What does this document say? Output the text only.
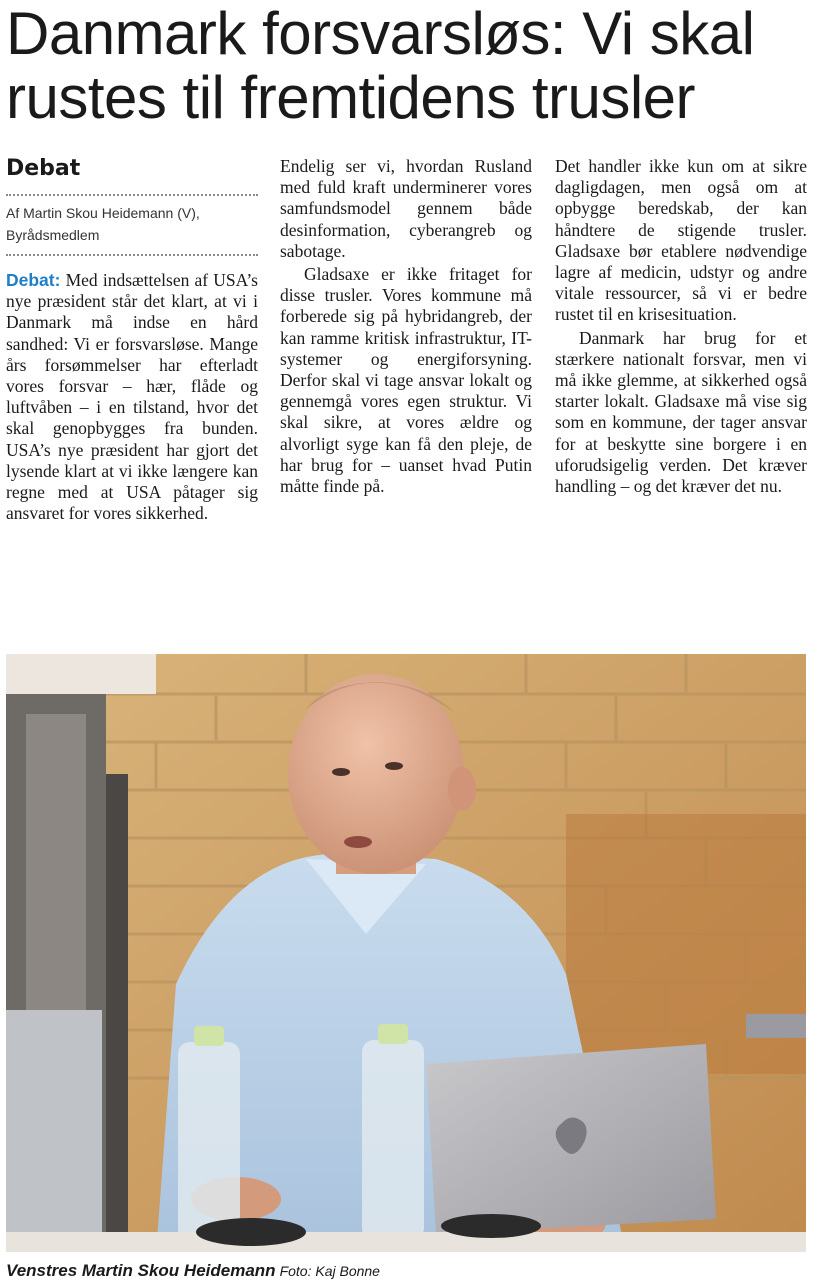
Danmark forsvarsløs: Vi skal rustes til fremtidens trusler
Debat
Af Martin Skou Heidemann (V),
Byrådsmedlem

Debat: Med indsættelsen af USA’s nye præsident står det klart, at vi i Danmark må indse en hård sandhed: Vi er forsvarsløse. Mange års forsømmelser har efterladt vores forsvar – hær, flåde og luftvåben – i en tilstand, hvor det skal genopbygges fra bunden. USA’s nye præsident har gjort det lysende klart at vi ikke længere kan regne med at USA påtager sig ansvaret for vores sikkerhed.

Endelig ser vi, hvordan Rusland med fuld kraft underminerer vores samfundsmodel gennem både desinformation, cyberangreb og sabotage.

Gladsaxe er ikke fritaget for disse trusler. Vores kommune må forberede sig på hybridangreb, der kan ramme kritisk infrastruktur, IT-systemer og energiforsyning. Derfor skal vi tage ansvar lokalt og gennemgå vores egen struktur. Vi skal sikre, at vores ældre og alvorligt syge kan få den pleje, de har brug for – uanset hvad Putin måtte finde på.

Det handler ikke kun om at sikre dagligdagen, men også om at opbygge beredskab, der kan håndtere de stigende trusler. Gladsaxe bør etablere nødvendige lagre af medicin, udstyr og andre vitale ressourcer, så vi er bedre rustet til en krisesituation.

Danmark har brug for et stærkere nationalt forsvar, men vi må ikke glemme, at sikkerhed også starter lokalt. Gladsaxe må vise sig som en kommune, der tager ansvar for at beskytte sine borgere i en uforudsigelig verden. Det kræver handling – og det kræver det nu.

Venstres Martin Skou Heidemann Foto: Kaj Bonne
